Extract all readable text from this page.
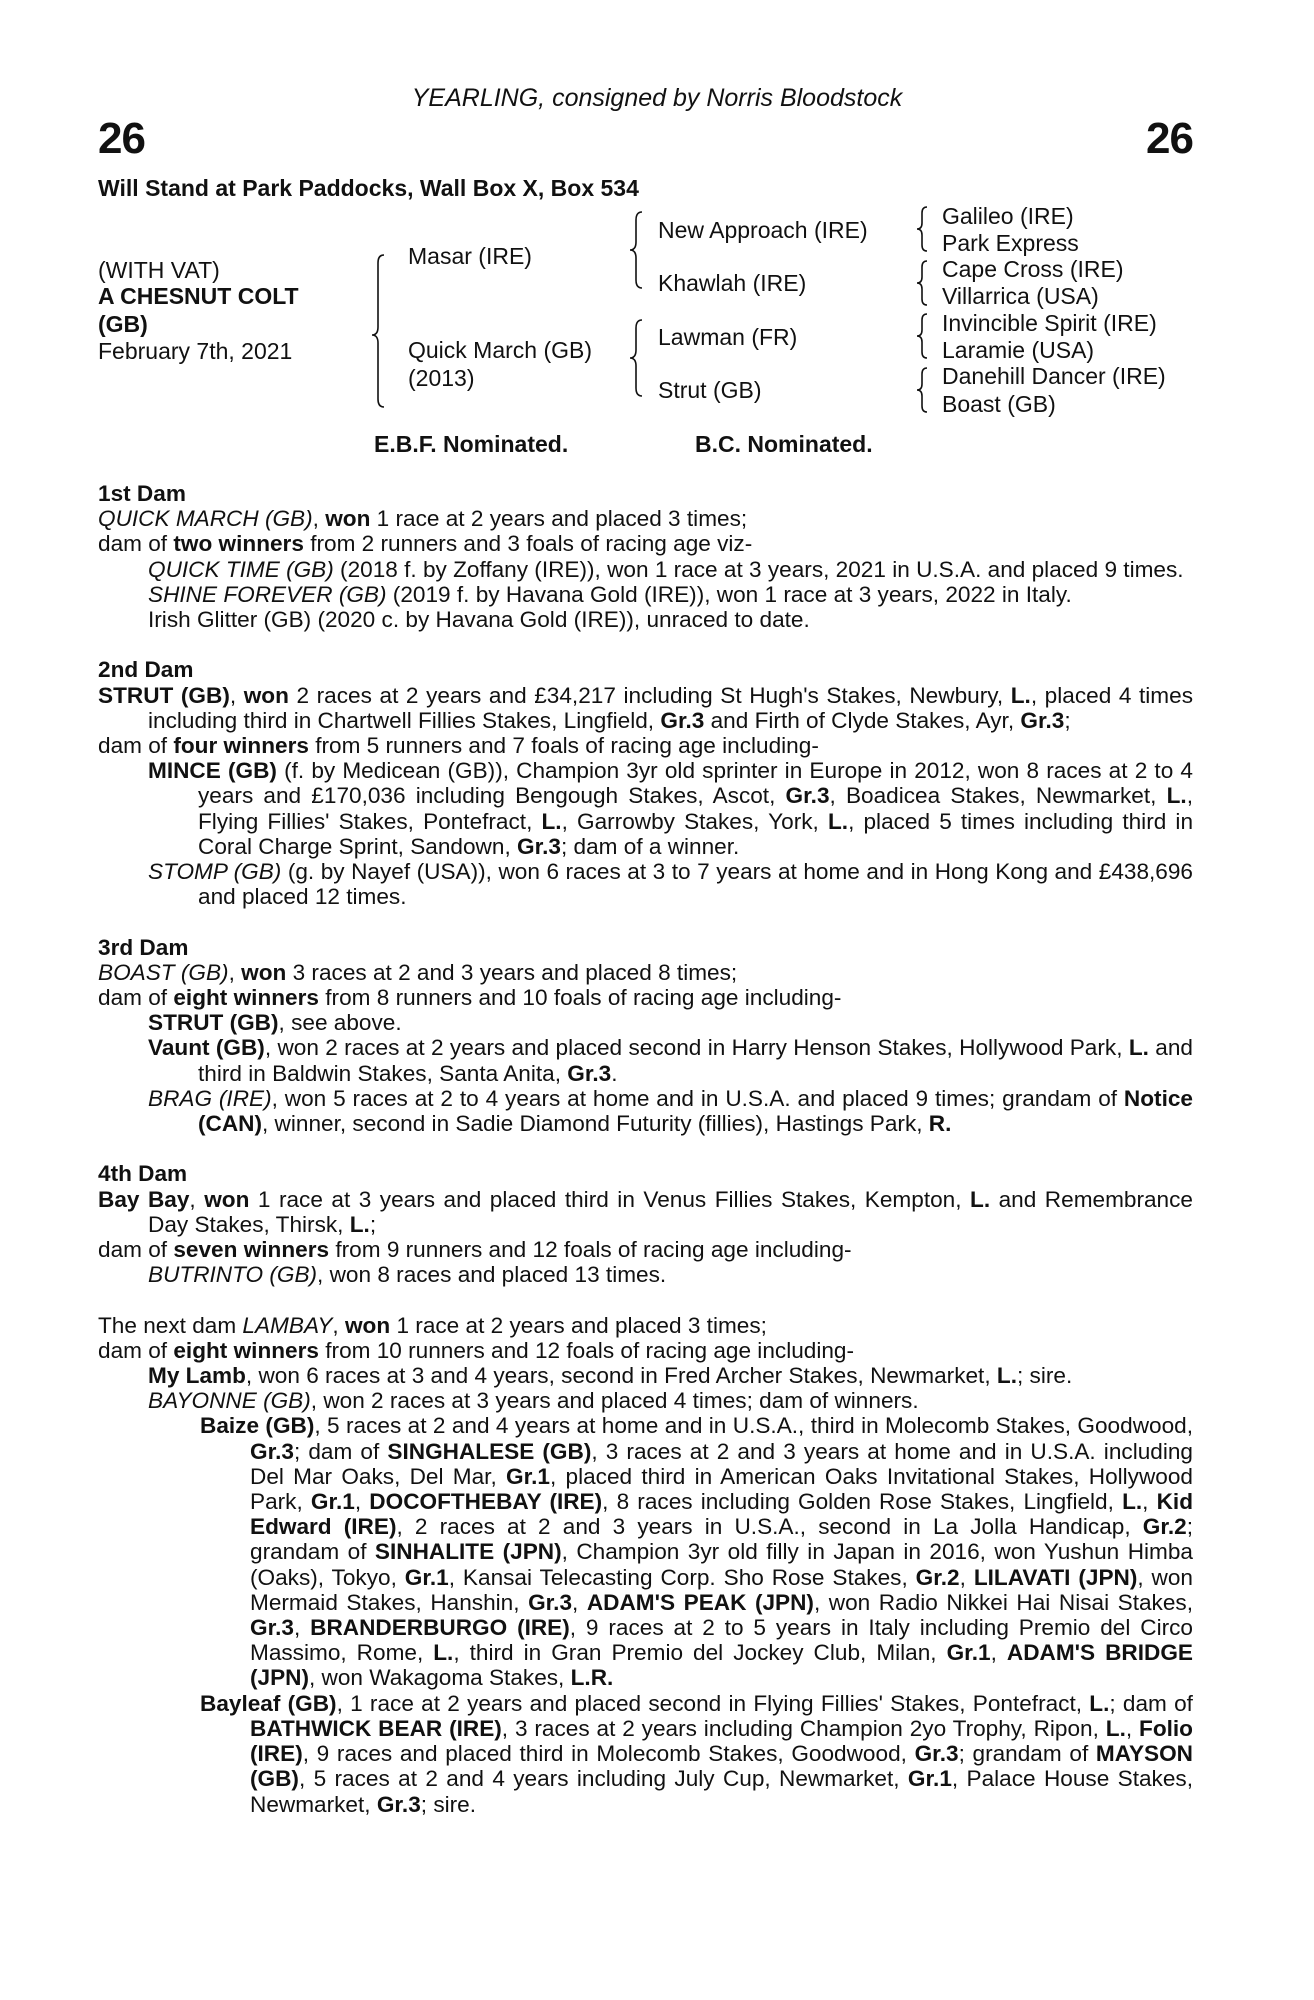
YEARLING, consigned by Norris Bloodstock
26	26
Will Stand at Park Paddocks, Wall Box X, Box 534
(WITH VAT)
A CHESNUT COLT
(GB)
February 7th, 2021
Masar (IRE)
Quick March (GB)
(2013)
New Approach (IRE)
Khawlah (IRE)
Lawman (FR)
Strut (GB)
Galileo (IRE)
Park Express
Cape Cross (IRE)
Villarrica (USA)
Invincible Spirit (IRE)
Laramie (USA)
Danehill Dancer (IRE)
Boast (GB)
E.B.F. Nominated.	B.C. Nominated.
1st Dam
QUICK MARCH (GB), won 1 race at 2 years and placed 3 times;
dam of two winners from 2 runners and 3 foals of racing age viz-
QUICK TIME (GB) (2018 f. by Zoffany (IRE)), won 1 race at 3 years, 2021 in U.S.A. and placed 9 times.
SHINE FOREVER (GB) (2019 f. by Havana Gold (IRE)), won 1 race at 3 years, 2022 in Italy.
Irish Glitter (GB) (2020 c. by Havana Gold (IRE)), unraced to date.
2nd Dam
STRUT (GB), won 2 races at 2 years and £34,217 including St Hugh's Stakes, Newbury, L., placed 4 times including third in Chartwell Fillies Stakes, Lingfield, Gr.3 and Firth of Clyde Stakes, Ayr, Gr.3;
dam of four winners from 5 runners and 7 foals of racing age including-
MINCE (GB) (f. by Medicean (GB)), Champion 3yr old sprinter in Europe in 2012, won 8 races at 2 to 4 years and £170,036 including Bengough Stakes, Ascot, Gr.3, Boadicea Stakes, Newmarket, L., Flying Fillies' Stakes, Pontefract, L., Garrowby Stakes, York, L., placed 5 times including third in Coral Charge Sprint, Sandown, Gr.3; dam of a winner.
STOMP (GB) (g. by Nayef (USA)), won 6 races at 3 to 7 years at home and in Hong Kong and £438,696 and placed 12 times.
3rd Dam
BOAST (GB), won 3 races at 2 and 3 years and placed 8 times;
dam of eight winners from 8 runners and 10 foals of racing age including-
STRUT (GB), see above.
Vaunt (GB), won 2 races at 2 years and placed second in Harry Henson Stakes, Hollywood Park, L. and third in Baldwin Stakes, Santa Anita, Gr.3.
BRAG (IRE), won 5 races at 2 to 4 years at home and in U.S.A. and placed 9 times; grandam of Notice (CAN), winner, second in Sadie Diamond Futurity (fillies), Hastings Park, R.
4th Dam
Bay Bay, won 1 race at 3 years and placed third in Venus Fillies Stakes, Kempton, L. and Remembrance Day Stakes, Thirsk, L.;
dam of seven winners from 9 runners and 12 foals of racing age including-
BUTRINTO (GB), won 8 races and placed 13 times.
The next dam LAMBAY, won 1 race at 2 years and placed 3 times;
dam of eight winners from 10 runners and 12 foals of racing age including-
My Lamb, won 6 races at 3 and 4 years, second in Fred Archer Stakes, Newmarket, L.; sire.
BAYONNE (GB), won 2 races at 3 years and placed 4 times; dam of winners.
Baize (GB), 5 races at 2 and 4 years at home and in U.S.A., third in Molecomb Stakes, Goodwood, Gr.3; dam of SINGHALESE (GB), 3 races at 2 and 3 years at home and in U.S.A. including Del Mar Oaks, Del Mar, Gr.1, placed third in American Oaks Invitational Stakes, Hollywood Park, Gr.1, DOCOFTHEBAY (IRE), 8 races including Golden Rose Stakes, Lingfield, L., Kid Edward (IRE), 2 races at 2 and 3 years in U.S.A., second in La Jolla Handicap, Gr.2; grandam of SINHALITE (JPN), Champion 3yr old filly in Japan in 2016, won Yushun Himba (Oaks), Tokyo, Gr.1, Kansai Telecasting Corp. Sho Rose Stakes, Gr.2, LILAVATI (JPN), won Mermaid Stakes, Hanshin, Gr.3, ADAM'S PEAK (JPN), won Radio Nikkei Hai Nisai Stakes, Gr.3, BRANDERBURGO (IRE), 9 races at 2 to 5 years in Italy including Premio del Circo Massimo, Rome, L., third in Gran Premio del Jockey Club, Milan, Gr.1, ADAM'S BRIDGE (JPN), won Wakagoma Stakes, L.R.
Bayleaf (GB), 1 race at 2 years and placed second in Flying Fillies' Stakes, Pontefract, L.; dam of BATHWICK BEAR (IRE), 3 races at 2 years including Champion 2yo Trophy, Ripon, L., Folio (IRE), 9 races and placed third in Molecomb Stakes, Goodwood, Gr.3; grandam of MAYSON (GB), 5 races at 2 and 4 years including July Cup, Newmarket, Gr.1, Palace House Stakes, Newmarket, Gr.3; sire.
